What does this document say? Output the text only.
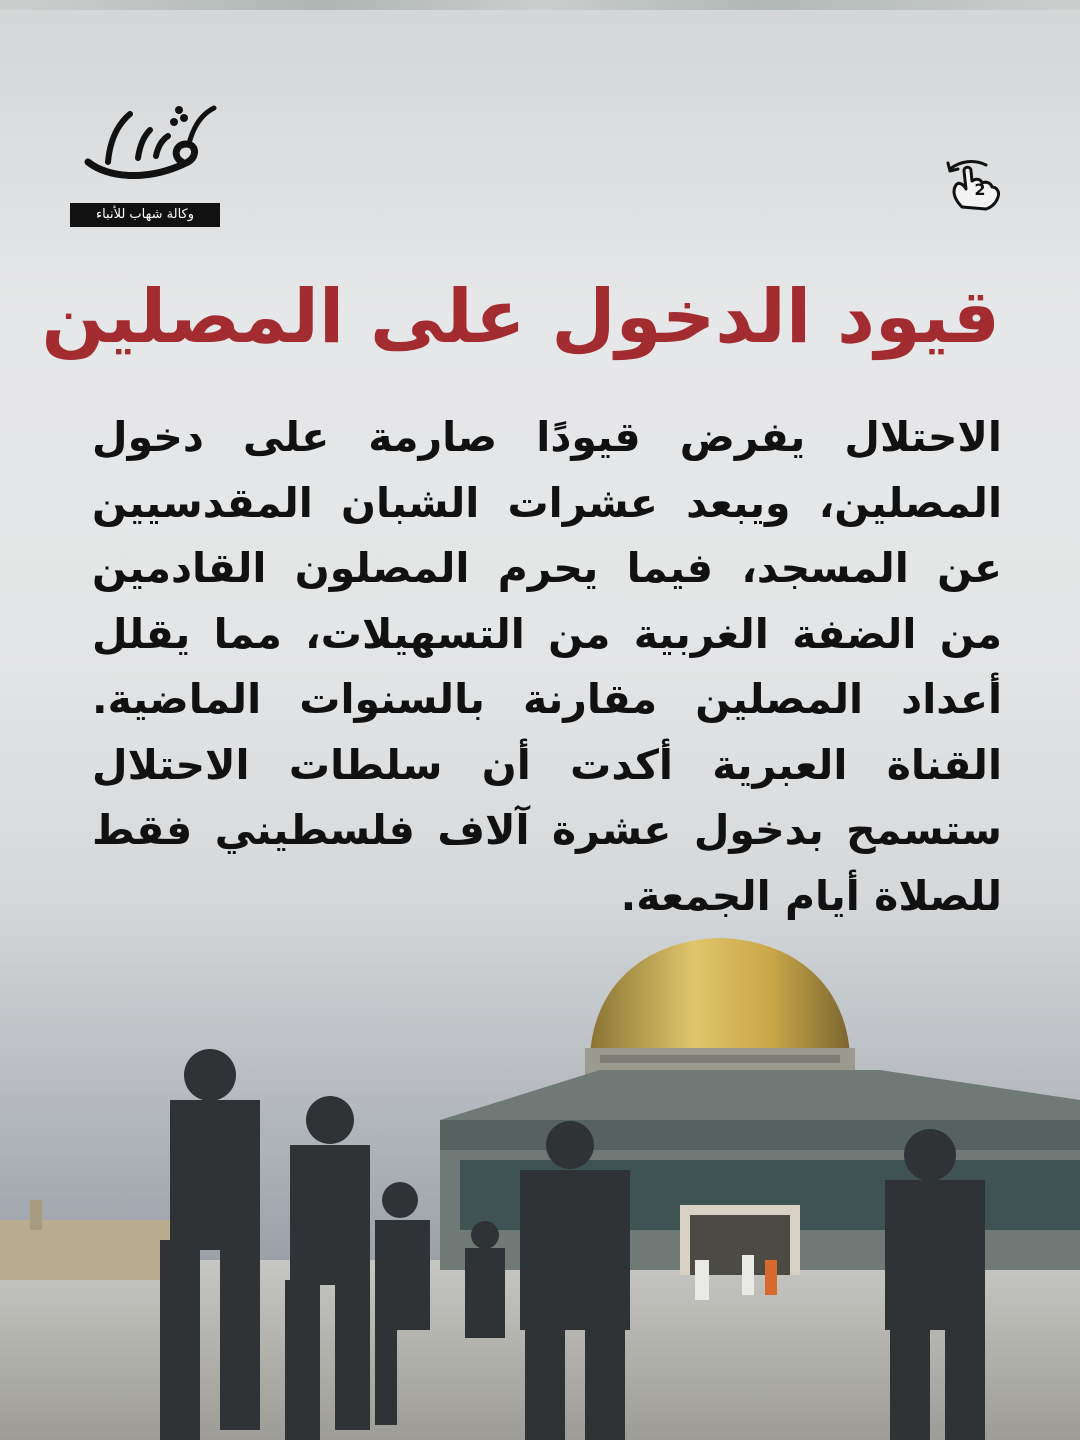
وكالة شهاب للأنباء
2
قيود الدخول على المصلين

الاحتلال يفرض قيودًا صارمة على دخول المصلين، ويبعد عشرات الشبان المقدسيين عن المسجد، فيما يحرم المصلون القادمين من الضفة الغربية من التسهيلات، مما يقلل أعداد المصلين مقارنة بالسنوات الماضية. القناة العبرية أكدت أن سلطات الاحتلال ستسمح بدخول عشرة آلاف فلسطيني فقط للصلاة أيام الجمعة.
